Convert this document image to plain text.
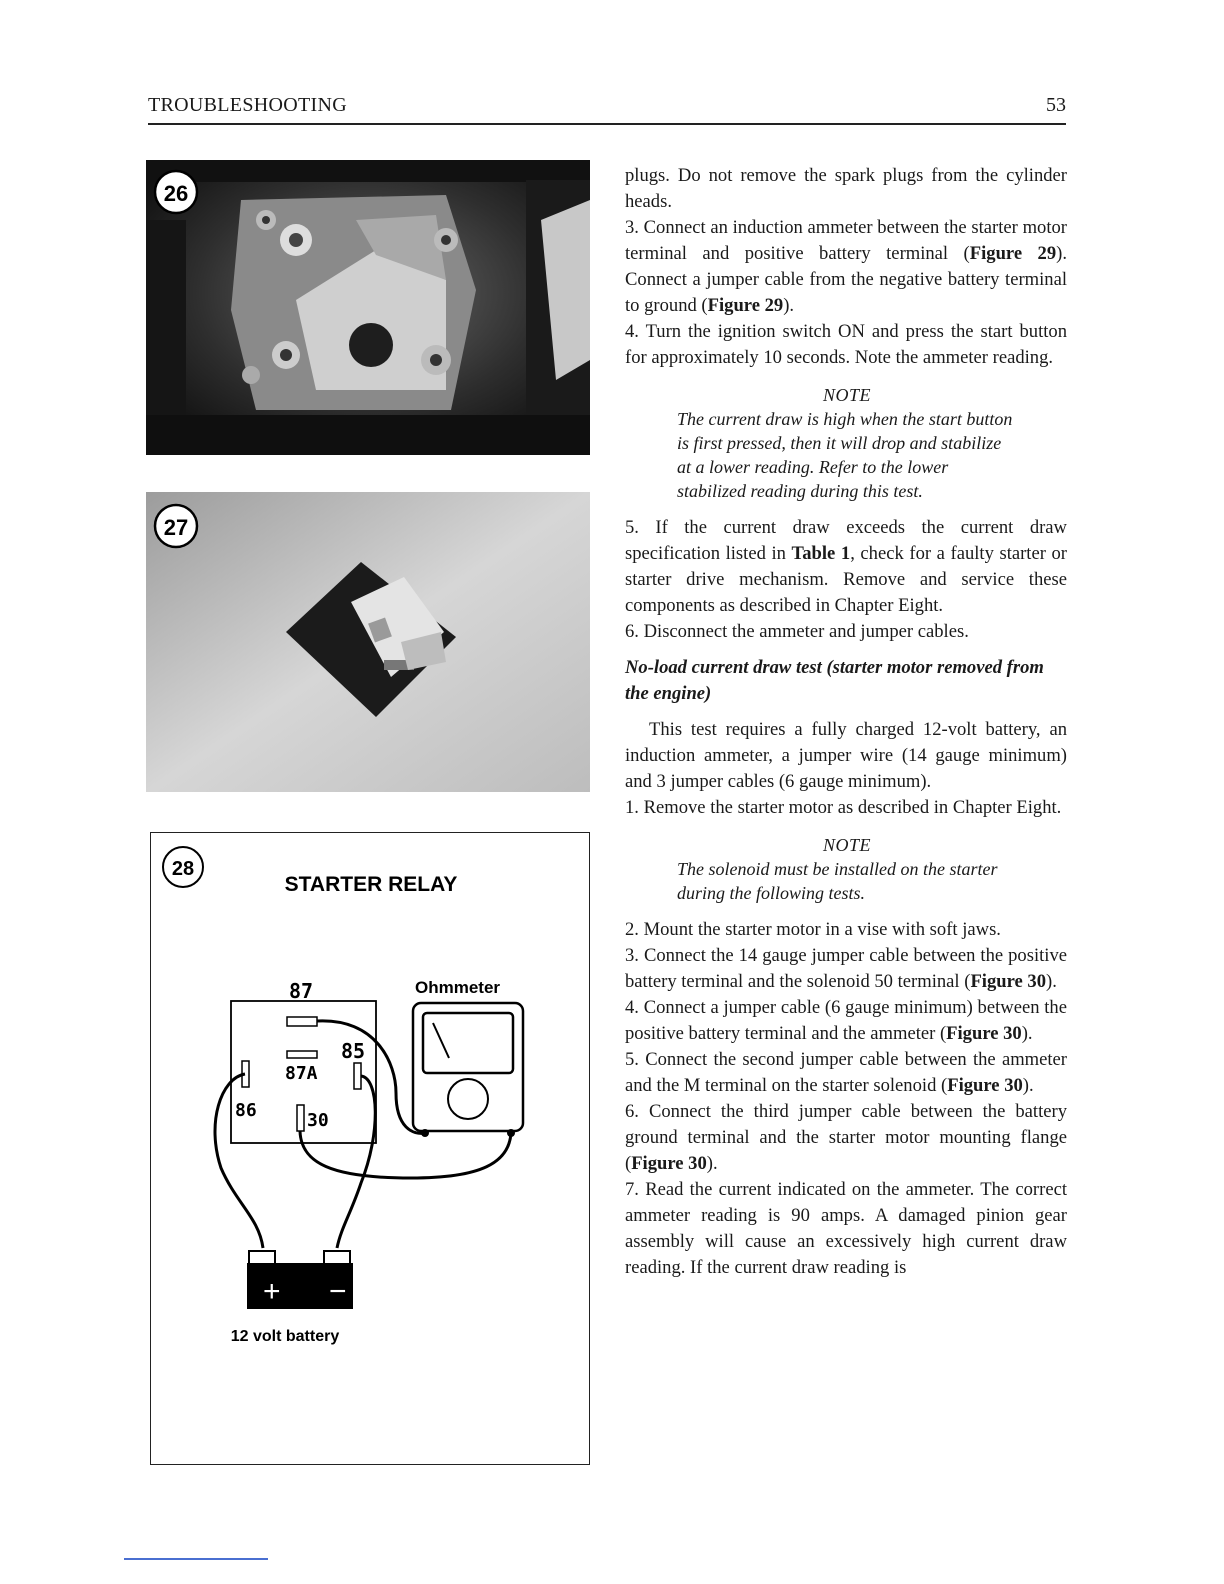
TROUBLESHOOTING	53
26
27
28
STARTER RELAY
87
87A
85
86	30
Ohmmeter
+ −
12 volt battery

plugs. Do not remove the spark plugs from the cylinder heads.

3. Connect an induction ammeter between the starter motor terminal and positive battery terminal (Figure 29). Connect a jumper cable from the negative battery terminal to ground (Figure 29).

4. Turn the ignition switch ON and press the start button for approximately 10 seconds. Note the ammeter reading.

NOTE
The current draw is high when the start button is first pressed, then it will drop and stabilize at a lower reading. Refer to the lower stabilized reading during this test.

5. If the current draw exceeds the current draw specification listed in Table 1, check for a faulty starter or starter drive mechanism. Remove and service these components as described in Chapter Eight.

6. Disconnect the ammeter and jumper cables.

No-load current draw test (starter motor removed from the engine)

This test requires a fully charged 12-volt battery, an induction ammeter, a jumper wire (14 gauge minimum) and 3 jumper cables (6 gauge minimum).

1. Remove the starter motor as described in Chapter Eight.

NOTE
The solenoid must be installed on the starter during the following tests.

2. Mount the starter motor in a vise with soft jaws.

3. Connect the 14 gauge jumper cable between the positive battery terminal and the solenoid 50 terminal (Figure 30).

4. Connect a jumper cable (6 gauge minimum) between the positive battery terminal and the ammeter (Figure 30).

5. Connect the second jumper cable between the ammeter and the M terminal on the starter solenoid (Figure 30).

6. Connect the third jumper cable between the battery ground terminal and the starter motor mounting flange (Figure 30).

7. Read the current indicated on the ammeter. The correct ammeter reading is 90 amps. A damaged pinion gear assembly will cause an excessively high current draw reading. If the current draw reading is
